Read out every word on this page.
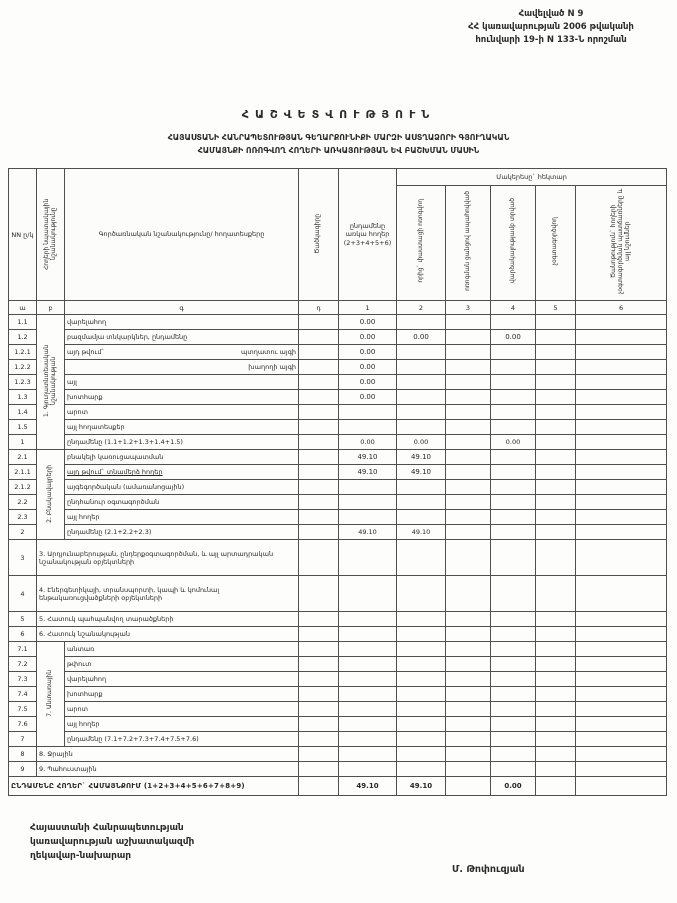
Հավելված N 9
ՀՀ կառավարության 2006 թվականի
հունվարի 19-ի N 133-Ն որոշման
ՀԱՇՎԵՏՎՈՒԹՅՈՒՆ
ՀԱՅԱՍՏԱՆԻ ՀԱՆՐԱՊԵՏՈՒԹՅԱՆ ԳԵՂԱՐՔՈՒՆԻՔԻ ՄԱՐԶԻ ԱՍՏՂԱՁՈՐԻ ԳՅՈՒՂԱԿԱՆ
ՀԱՄԱՅՆՔԻ ՈՌՈԳՎՈՂ ՀՈՂԵՐԻ ԱՌԿԱՅՈՒԹՅԱՆ ԵՎ ԲԱՇԽՄԱՆ ՄԱՍԻՆ
NN ը/կ	Հողերի նպատակային նշանակությունը	Գործառնական նշանակությունը/ հողատեսքերը	Ծածկագիրը	ընդամենը առկա հողեր (2+3+4+5+6)	Մակերեսը` հեկտար				
					որից` փաստացի ոռոգվող	ոռոգման ցանցով ապահովված	վարձակալությամբ տրված	չօգտագործվող	Ծանոթություն` հողերի չօգտագործման պատճառները և այլ նշումներ
ա	բ	գ	դ	1	2	3	4	5	6
1.1	1. Գյուղատնտեսական նշանակության	վարելահող		0.00					
1.2		բազմամյա տնկարկներ, ընդամենը		0.00	0.00		0.00		
1.2.1		այդ թվում` պտղատու այգի		0.00					
1.2.2		խաղողի այգի		0.00					
1.2.3		այլ		0.00					
1.3		խոտհարք		0.00					
1.4		արոտ							
1.5		այլ հողատեսքեր							
1		ընդամենը (1.1+1.2+1.3+1.4+1.5)		0.00	0.00		0.00		
2.1	2. Բնակավայրերի	բնակելի կառուցապատման		49.10	49.10				
2.1.1		այդ թվում` տնամերձ հողեր		49.10	49.10				
2.1.2		այգեգործական (ամառանոցային)							
2.2		ընդհանուր օգտագործման							
2.3		այլ հողեր							
2		ընդամենը (2.1+2.2+2.3)		49.10	49.10				
3	3. Արդյունաբերության, ընդերքօգտագործման, և այլ արտադրական նշանակության օբյեկտների								
4	4. Էներգետիկայի, տրանսպորտի, կապի և կոմունալ ենթակառուցվածքների օբյեկտների								
5	5. Հատուկ պահպանվող տարածքների								
6	6. Հատուկ նշանակության								
7.1	7. Անտառային	անտառ							
7.2		թփուտ							
7.3		վարելահող							
7.4		խոտհարք							
7.5		արոտ							
7.6		այլ հողեր							
7		ընդամենը (7.1+7.2+7.3+7.4+7.5+7.6)							
8	8. Ջրային								
9	9. Պահուստային								
ԸՆԴԱՄԵՆԸ ՀՈՂԵՐ` ՀԱՄԱՅՆՔՈՒՄ (1+2+3+4+5+6+7+8+9)				49.10	49.10		0.00		
Հայաստանի Հանրապետության
կառավարության աշխատակազմի
ղեկավար-նախարար
Մ. Թոփուզյան
